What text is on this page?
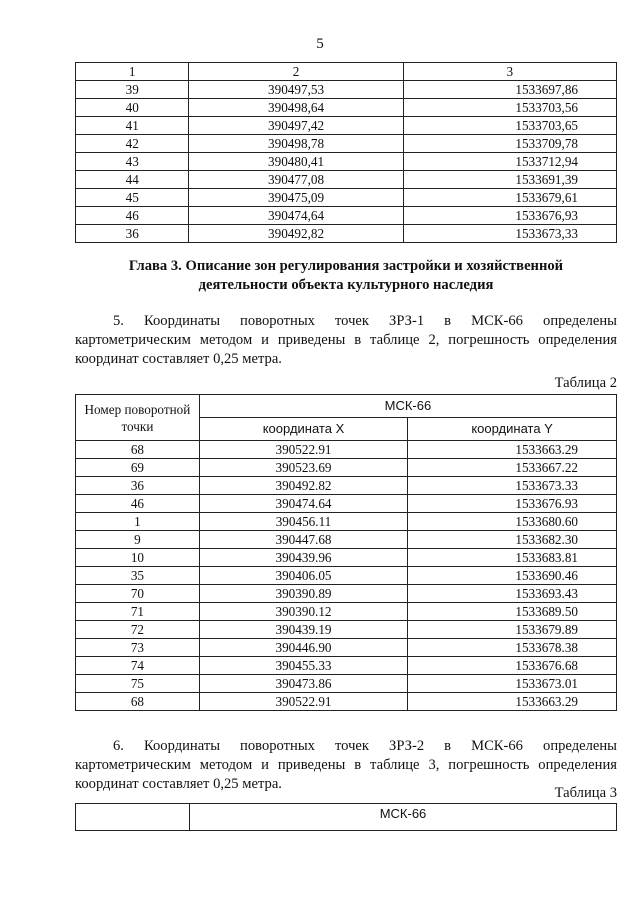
5
1	2	3
39	390497,53	1533697,86
40	390498,64	1533703,56
41	390497,42	1533703,65
42	390498,78	1533709,78
43	390480,41	1533712,94
44	390477,08	1533691,39
45	390475,09	1533679,61
46	390474,64	1533676,93
36	390492,82	1533673,33
Глава 3. Описание зон регулирования застройки и хозяйственной
деятельности объекта культурного наследия
5. Координаты поворотных точек ЗРЗ-1 в МСК-66 определены картометрическим методом и приведены в таблице 2, погрешность определения координат составляет 0,25 метра.
Таблица 2
Номер поворотной точки	МСК-66	
	координата X	координата Y
68	390522.91	1533663.29
69	390523.69	1533667.22
36	390492.82	1533673.33
46	390474.64	1533676.93
1	390456.11	1533680.60
9	390447.68	1533682.30
10	390439.96	1533683.81
35	390406.05	1533690.46
70	390390.89	1533693.43
71	390390.12	1533689.50
72	390439.19	1533679.89
73	390446.90	1533678.38
74	390455.33	1533676.68
75	390473.86	1533673.01
68	390522.91	1533663.29
6. Координаты поворотных точек ЗРЗ-2 в МСК-66 определены картометрическим методом и приведены в таблице 3, погрешность определения координат составляет 0,25 метра.
Таблица 3
	МСК-66
